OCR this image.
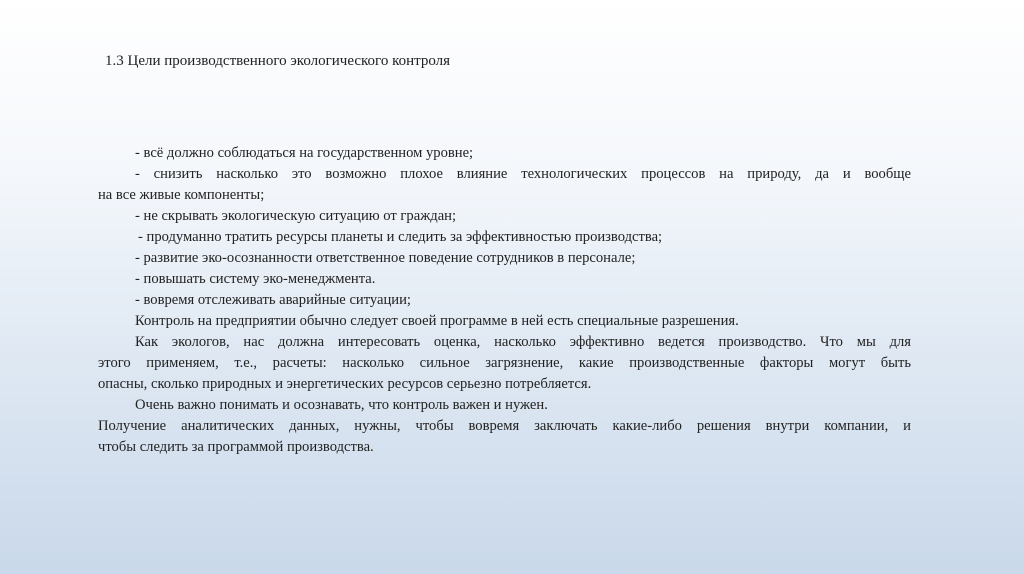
1.3 Цели производственного экологического контроля
- всё должно соблюдаться на государственном уровне;
- снизить насколько это возможно плохое влияние технологических процессов на природу, да и вообще
на все живые компоненты;
- не скрывать экологическую ситуацию от граждан;
- продуманно тратить ресурсы планеты и следить за эффективностью производства;
- развитие эко-осознанности ответственное поведение сотрудников в персонале;
- повышать систему эко-менеджмента.
- вовремя отслеживать аварийные ситуации;
Контроль на предприятии обычно следует своей программе в ней есть специальные разрешения.
Как экологов, нас должна интересовать оценка, насколько эффективно ведется производство. Что мы для
этого применяем, т.е., расчеты: насколько сильное загрязнение, какие производственные факторы могут быть
опасны, сколько природных и энергетических ресурсов серьезно потребляется.
Очень важно понимать и осознавать, что контроль важен и нужен.
Получение аналитических данных, нужны, чтобы вовремя заключать какие-либо решения внутри компании, и
чтобы следить за программой производства.
